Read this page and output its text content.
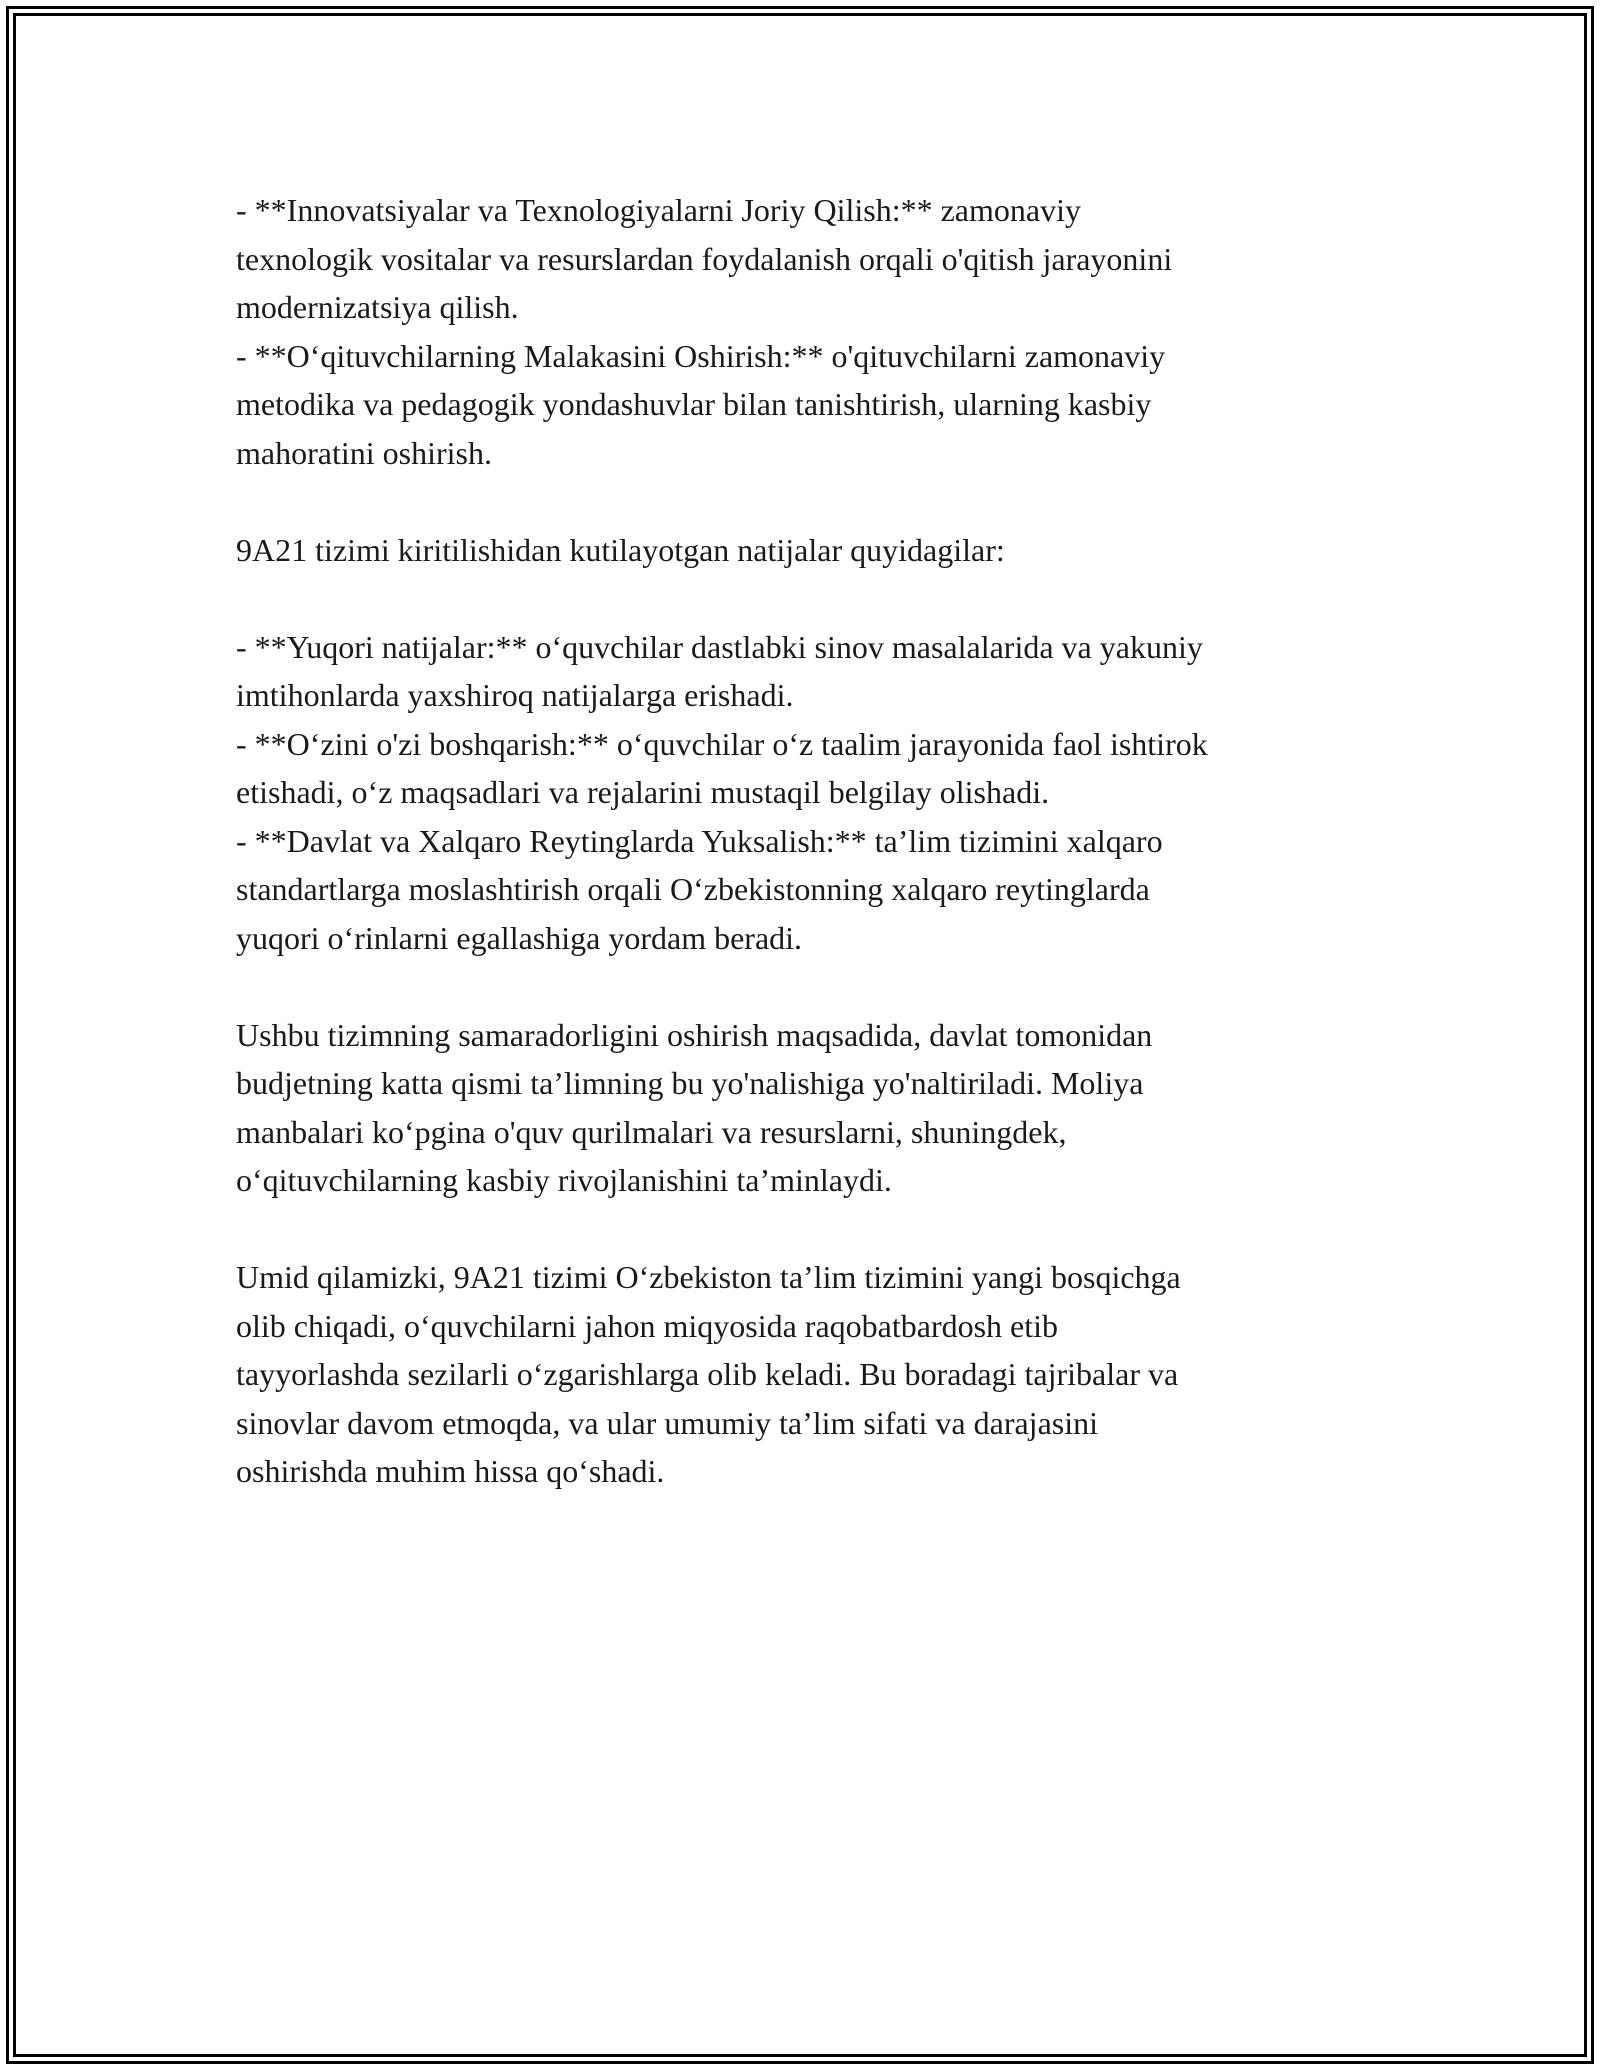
- **Innovatsiyalar va Texnologiyalarni Joriy Qilish:** zamonaviy
texnologik vositalar va resurslardan foydalanish orqali o'qitish jarayonini
modernizatsiya qilish.
- **O‘qituvchilarning Malakasini Oshirish:** o'qituvchilarni zamonaviy
metodika va pedagogik yondashuvlar bilan tanishtirish, ularning kasbiy
mahoratini oshirish.
9A21 tizimi kiritilishidan kutilayotgan natijalar quyidagilar:
- **Yuqori natijalar:** o‘quvchilar dastlabki sinov masalalarida va yakuniy
imtihonlarda yaxshiroq natijalarga erishadi.
- **O‘zini o'zi boshqarish:** o‘quvchilar o‘z taalim jarayonida faol ishtirok
etishadi, o‘z maqsadlari va rejalarini mustaqil belgilay olishadi.
- **Davlat va Xalqaro Reytinglarda Yuksalish:** ta’lim tizimini xalqaro
standartlarga moslashtirish orqali O‘zbekistonning xalqaro reytinglarda
yuqori o‘rinlarni egallashiga yordam beradi.
Ushbu tizimning samaradorligini oshirish maqsadida, davlat tomonidan
budjetning katta qismi ta’limning bu yo'nalishiga yo'naltiriladi. Moliya
manbalari ko‘pgina o'quv qurilmalari va resurslarni, shuningdek,
o‘qituvchilarning kasbiy rivojlanishini ta’minlaydi.
Umid qilamizki, 9A21 tizimi O‘zbekiston ta’lim tizimini yangi bosqichga
olib chiqadi, o‘quvchilarni jahon miqyosida raqobatbardosh etib
tayyorlashda sezilarli o‘zgarishlarga olib keladi. Bu boradagi tajribalar va
sinovlar davom etmoqda, va ular umumiy ta’lim sifati va darajasini
oshirishda muhim hissa qo‘shadi.
